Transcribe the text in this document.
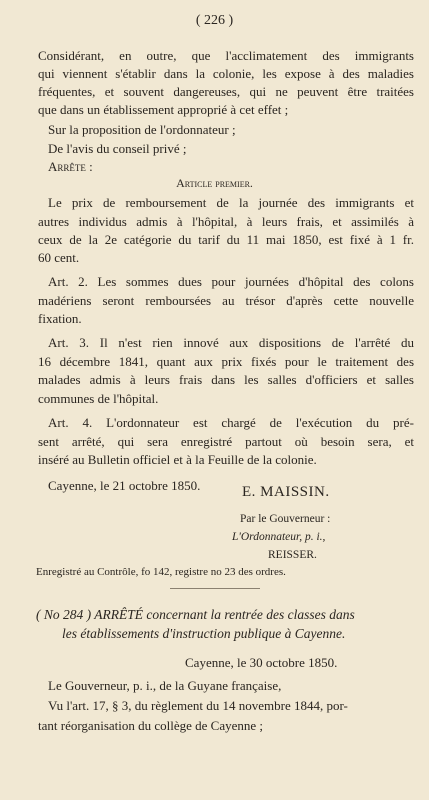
( 226 )
Considérant, en outre, que l'acclimatement des immigrants
qui viennent s'établir dans la colonie, les expose à des maladies
fréquentes, et souvent dangereuses, qui ne peuvent être traitées
que dans un établissement approprié à cet effet ;
Sur la proposition de l'ordonnateur ;
De l'avis du conseil privé ;
Arrête :
Article premier.
Le prix de remboursement de la journée des immigrants et
autres individus admis à l'hôpital, à leurs frais, et assimilés à
ceux de la 2e catégorie du tarif du 11 mai 1850, est fixé à 1 fr.
60 cent.
Art. 2. Les sommes dues pour journées d'hôpital des colons
madériens seront remboursées au trésor d'après cette nouvelle
fixation.
Art. 3. Il n'est rien innové aux dispositions de l'arrêté du
16 décembre 1841, quant aux prix fixés pour le traitement des
malades admis à leurs frais dans les salles d'officiers et salles
communes de l'hôpital.
Art. 4. L'ordonnateur est chargé de l'exécution du pré-
sent arrêté, qui sera enregistré partout où besoin sera, et
inséré au Bulletin officiel et à la Feuille de la colonie.
Cayenne, le 21 octobre 1850.	E. MAISSIN.
Par le Gouverneur :
L'Ordonnateur, p. i.,
REISSER.
Enregistré au Contrôle, fo 142, registre no 23 des ordres.
( No 284 ) ARRÊTÉ concernant la rentrée des classes dans
les établissements d'instruction publique à Cayenne.
Cayenne, le 30 octobre 1850.
Le Gouverneur, p. i., de la Guyane française,
Vu l'art. 17, § 3, du règlement du 14 novembre 1844, por-
tant réorganisation du collège de Cayenne ;
